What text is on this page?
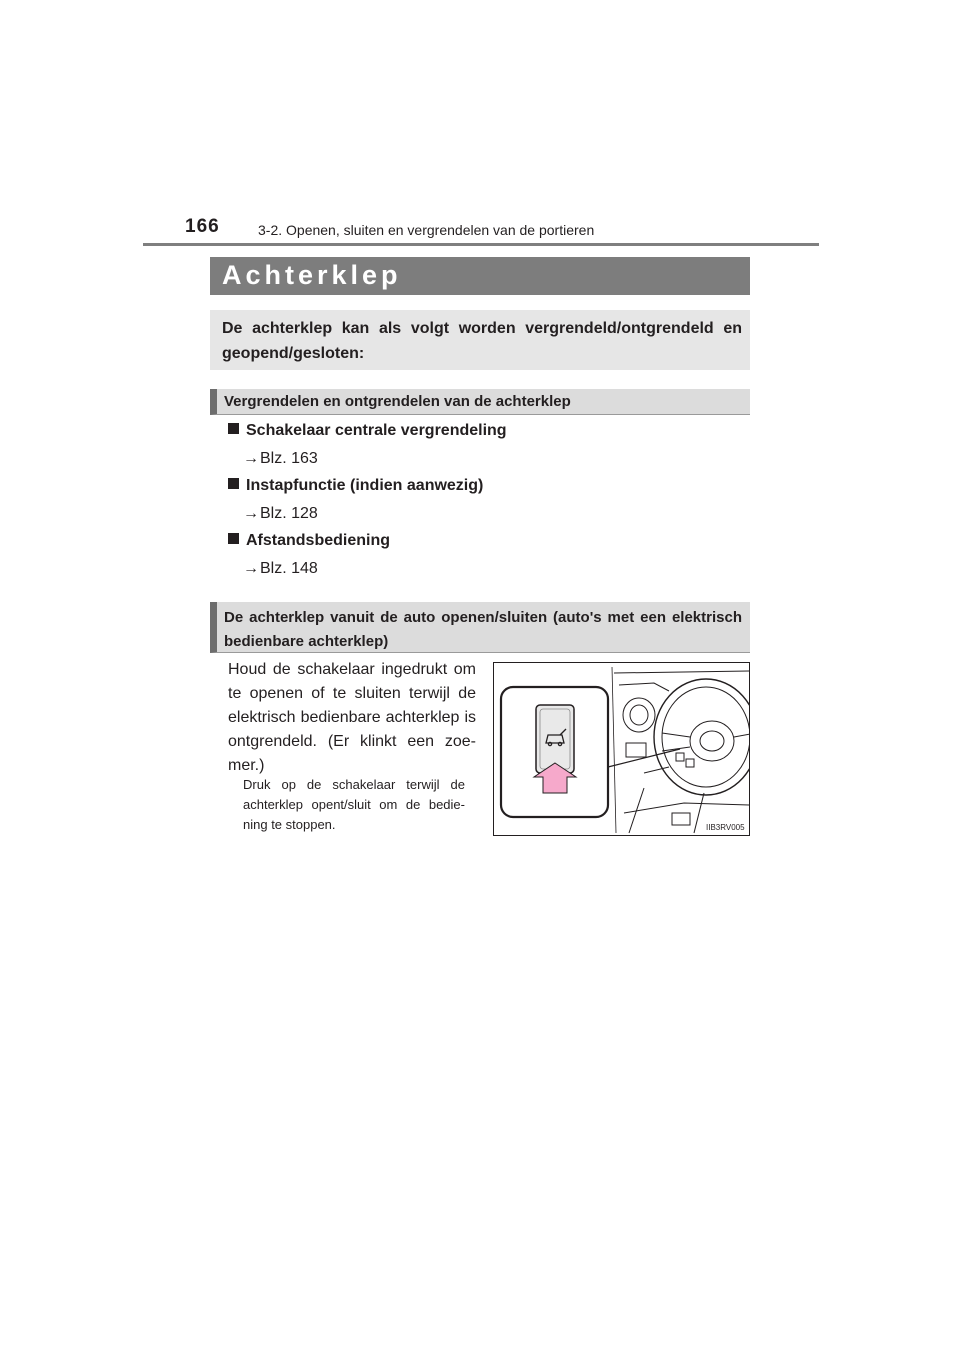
166	3-2. Openen, sluiten en vergrendelen van de portieren
Achterklep
De achterklep kan als volgt worden vergrendeld/ontgrendeld en geopend/gesloten:
Vergrendelen en ontgrendelen van de achterklep
Schakelaar centrale vergrendeling
→Blz. 163
Instapfunctie (indien aanwezig)
→Blz. 128
Afstandsbediening
→Blz. 148
De achterklep vanuit de auto openen/sluiten (auto's met een elektrisch bedienbare achterklep)
Houd de schakelaar ingedrukt om te openen of te sluiten terwijl de elektrisch bedienbare achterklep is ontgrendeld. (Er klinkt een zoe-mer.)
Druk op de schakelaar terwijl de achterklep opent/sluit om de bedie-ning te stoppen.	IIB3RV005
